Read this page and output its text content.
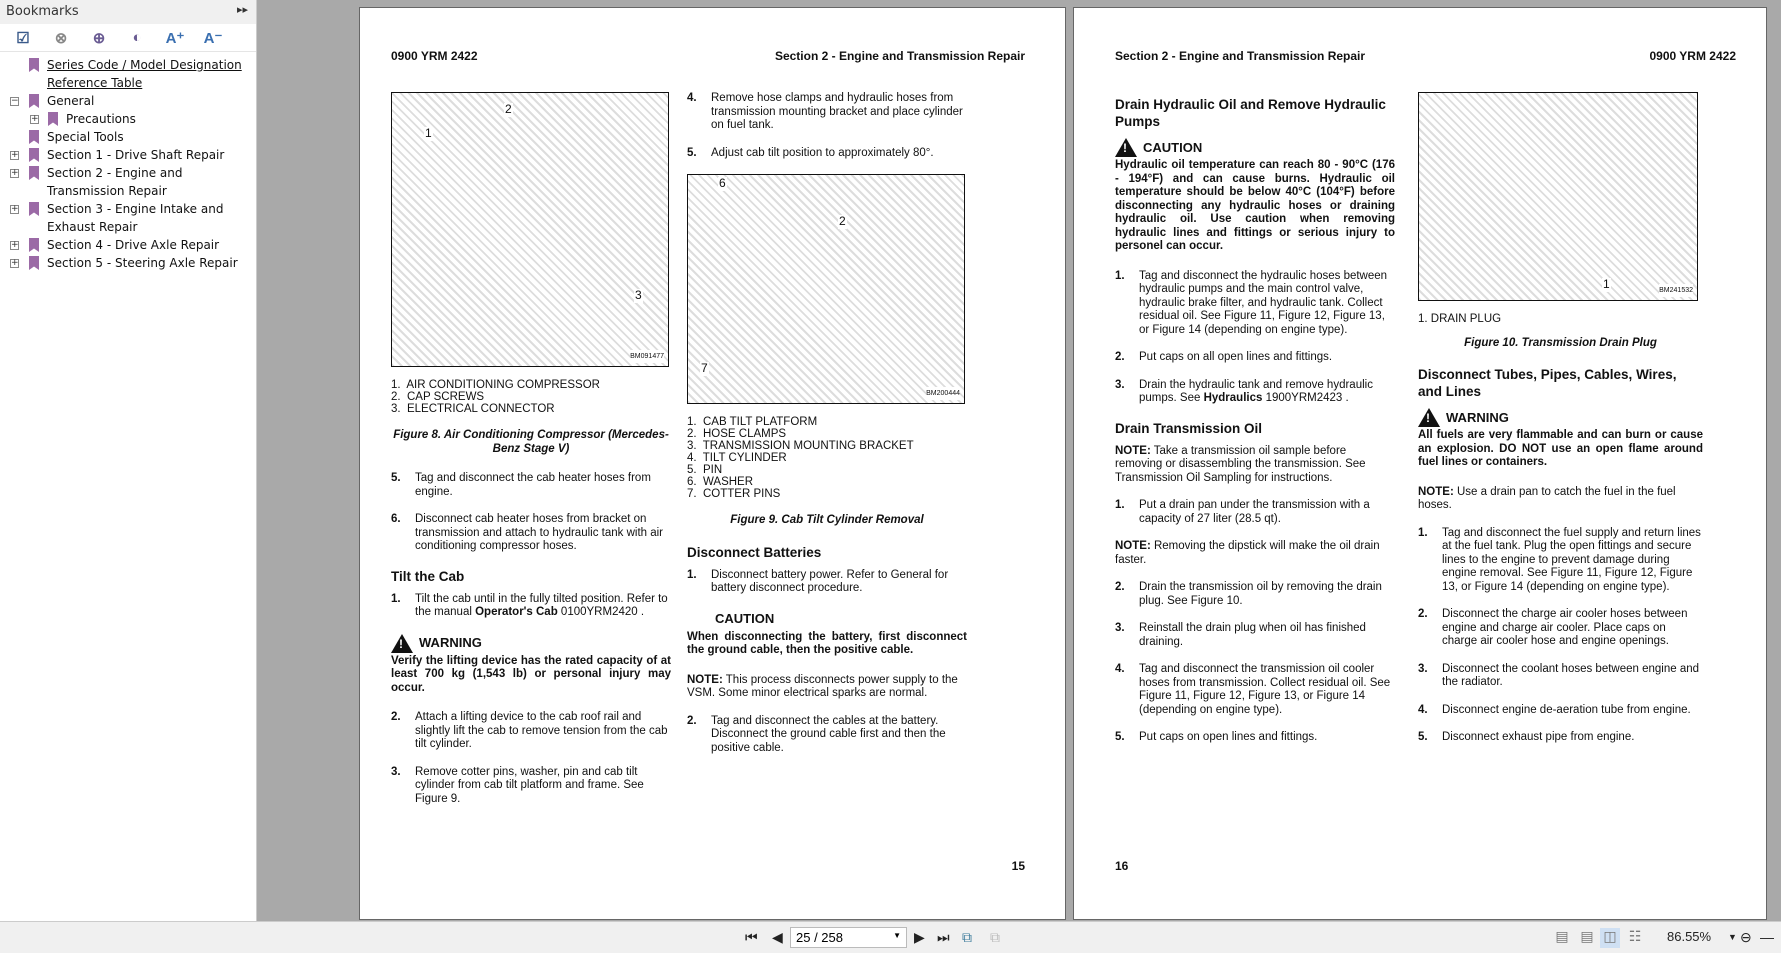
Bookmarks	▸▸
☑	⊗	⊕	◐	A⁺ A⁻
Series Code / Model Designation Reference Table
− General
+ Precautions
Special Tools
+ Section 1 - Drive Shaft Repair
+ Section 2 - Engine and Transmission Repair
+ Section 3 - Engine Intake and Exhaust Repair
+ Section 4 - Drive Axle Repair
+ Section 5 - Steering Axle Repair
0900 YRM 2422	Section 2 - Engine and Transmission Repair
1
2
3
BM091477
1.  AIR CONDITIONING COMPRESSOR
2.  CAP SCREWS
3.  ELECTRICAL CONNECTOR
Figure 8. Air Conditioning Compressor (Mercedes-Benz Stage V)
5.	Tag and disconnect the cab heater hoses from engine.
6.	Disconnect cab heater hoses from bracket on transmission and attach to hydraulic tank with air conditioning compressor hoses.
Tilt the Cab
1.	Tilt the cab until in the fully tilted position. Refer to the manual Operator's Cab 0100YRM2420 .
!
WARNING
Verify the lifting device has the rated capacity of at least 700 kg (1,543 lb) or personal injury may occur.
2.	Attach a lifting device to the cab roof rail and slightly lift the cab to remove tension from the cab tilt cylinder.
3.	Remove cotter pins, washer, pin and cab tilt cylinder from cab tilt platform and frame. See Figure 9.
4.	Remove hose clamps and hydraulic hoses from transmission mounting bracket and place cylinder on fuel tank.
5.	Adjust cab tilt position to approximately 80°.
6
7
2
BM200444
1.  CAB TILT PLATFORM
2.  HOSE CLAMPS
3.  TRANSMISSION MOUNTING BRACKET
4.  TILT CYLINDER
5.  PIN
6.  WASHER
7.  COTTER PINS
Figure 9. Cab Tilt Cylinder Removal
Disconnect Batteries
1.	Disconnect battery power. Refer to General for battery disconnect procedure.
!
CAUTION
When disconnecting the battery, first disconnect the ground cable, then the positive cable.
NOTE: This process disconnects power supply to the VSM. Some minor electrical sparks are normal.
2.	Tag and disconnect the cables at the battery. Disconnect the ground cable first and then the positive cable.
15
Section 2 - Engine and Transmission Repair	0900 YRM 2422
Drain Hydraulic Oil and Remove Hydraulic Pumps
!
CAUTION
Hydraulic oil temperature can reach 80 - 90°C (176 - 194°F) and can cause burns. Hydraulic oil temperature should be below 40°C (104°F) before disconnecting any hydraulic hoses or draining hydraulic oil. Use caution when removing hydraulic lines and fittings or serious injury to personel can occur.
1.	Tag and disconnect the hydraulic hoses between hydraulic pumps and the main control valve, hydraulic brake filter, and hydraulic tank. Collect residual oil. See Figure 11, Figure 12, Figure 13, or Figure 14 (depending on engine type).
2.	Put caps on all open lines and fittings.
3.	Drain the hydraulic tank and remove hydraulic pumps. See Hydraulics 1900YRM2423 .
Drain Transmission Oil
NOTE: Take a transmission oil sample before removing or disassembling the transmission. See Transmission Oil Sampling for instructions.
1.	Put a drain pan under the transmission with a capacity of 27 liter (28.5 qt).
NOTE: Removing the dipstick will make the oil drain faster.
2.	Drain the transmission oil by removing the drain plug. See Figure 10.
3.	Reinstall the drain plug when oil has finished draining.
4.	Tag and disconnect the transmission oil cooler hoses from transmission. Collect residual oil. See Figure 11, Figure 12, Figure 13, or Figure 14 (depending on engine type).
5.	Put caps on open lines and fittings.
1	BM241532
1. DRAIN PLUG
Figure 10. Transmission Drain Plug
Disconnect Tubes, Pipes, Cables, Wires, and Lines
!
WARNING
All fuels are very flammable and can burn or cause an explosion. DO NOT use an open flame around fuel lines or containers.
NOTE: Use a drain pan to catch the fuel in the fuel hoses.
1.	Tag and disconnect the fuel supply and return lines at the fuel tank. Plug the open fittings and secure lines to the engine to prevent damage during engine removal. See Figure 11, Figure 12, Figure 13, or Figure 14 (depending on engine type).
2.	Disconnect the charge air cooler hoses between engine and charge air cooler. Place caps on charge air cooler hose and engine openings.
3.	Disconnect the coolant hoses between engine and the radiator.
4.	Disconnect engine de-aeration tube from engine.
5.	Disconnect exhaust pipe from engine.
16
⏮ ◀	25 / 258	▼ ▶ ⏭ ⧉ ⧉	▤ ▤ ◫ ☷ 86.55% ▼ ⊖ —
